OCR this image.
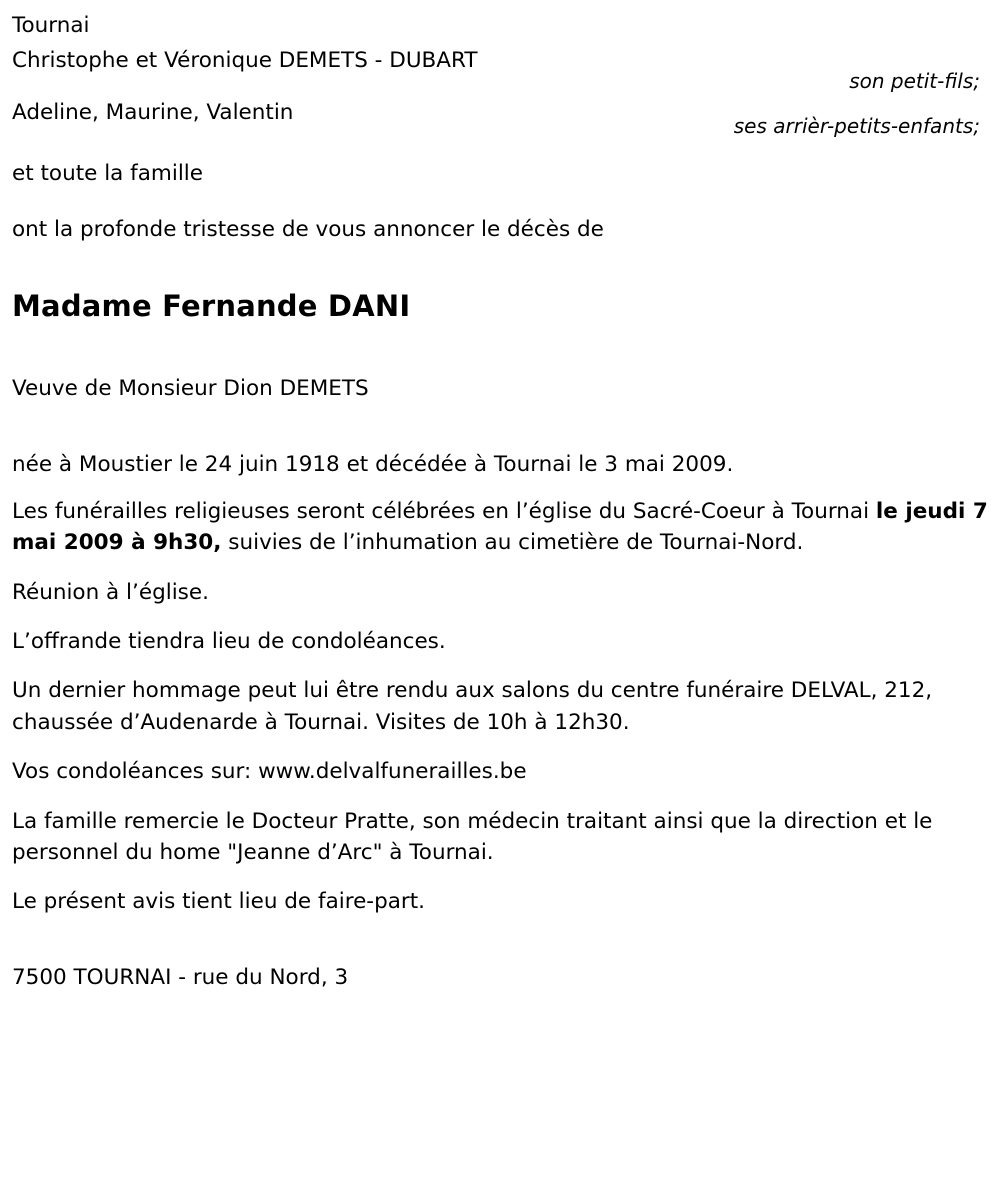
Tournai
Christophe et Véronique DEMETS - DUBART
Adeline, Maurine, Valentin
et toute la famille
son petit-fils;
ses arrièr-petits-enfants;
ont la profonde tristesse de vous annoncer le décès de
Madame Fernande DANI
Veuve de Monsieur Dion DEMETS
née à Moustier le 24 juin 1918 et décédée à Tournai le 3 mai 2009.
Les funérailles religieuses seront célébrées en l’église du Sacré-Coeur à Tournai le jeudi 7 mai 2009 à 9h30, suivies de l’inhumation au cimetière de Tournai-Nord.
Réunion à l’église.
L’offrande tiendra lieu de condoléances.
Un dernier hommage peut lui être rendu aux salons du centre funéraire DELVAL, 212, chaussée d’Audenarde à Tournai. Visites de 10h à 12h30.
Vos condoléances sur: www.delvalfunerailles.be
La famille remercie le Docteur Pratte, son médecin traitant ainsi que la direction et le personnel du home "Jeanne d’Arc" à Tournai.
Le présent avis tient lieu de faire-part.
7500 TOURNAI - rue du Nord, 3
